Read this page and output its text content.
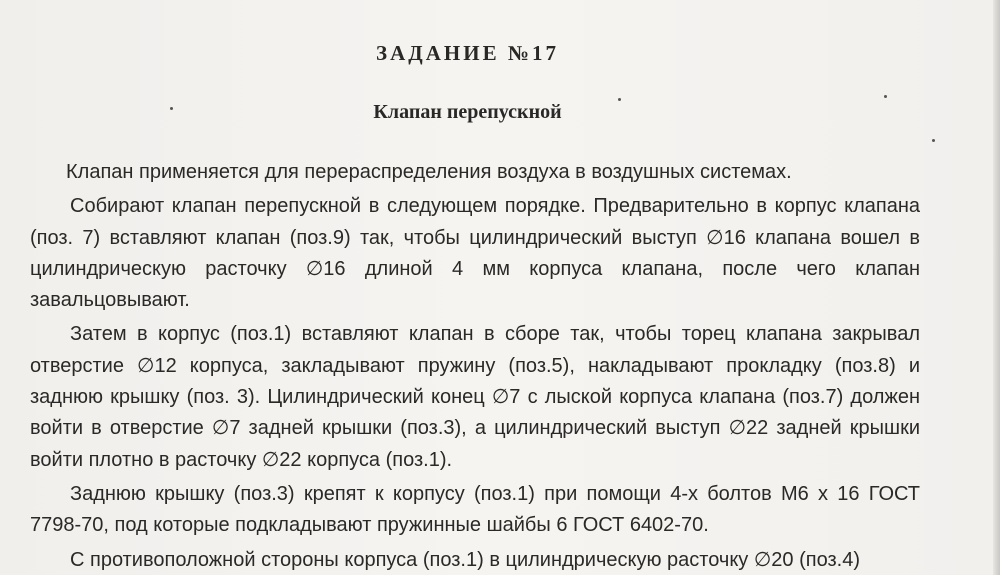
ЗАДАНИЕ №17
Клапан перепускной

Клапан применяется для перераспределения воздуха в воздушных системах.

Собирают клапан перепускной в следующем порядке. Предварительно в корпус клапана (поз. 7) вставляют клапан (поз.9) так, чтобы цилиндрический выступ ∅16 клапана вошел в цилиндрическую расточку ∅16 длиной 4 мм корпуса клапана, после чего клапан завальцовывают.

Затем в корпус (поз.1) вставляют клапан в сборе так, чтобы торец клапана закрывал отверстие ∅12 корпуса, закладывают пружину (поз.5), накладывают прокладку (поз.8) и заднюю крышку (поз. 3). Цилиндрический конец ∅7 с лыской корпуса клапана (поз.7) должен войти в отверстие ∅7 задней крышки (поз.3), а цилиндрический выступ ∅22 задней крышки войти плотно в расточку ∅22 корпуса (поз.1).

Заднюю крышку (поз.3) крепят к корпусу (поз.1) при помощи 4-х болтов М6 х 16 ГОСТ 7798-70, под которые подкладывают пружинные шайбы 6 ГОСТ 6402-70.

С противоположной стороны корпуса (поз.1) в цилиндрическую расточку ∅20 (поз.4)
